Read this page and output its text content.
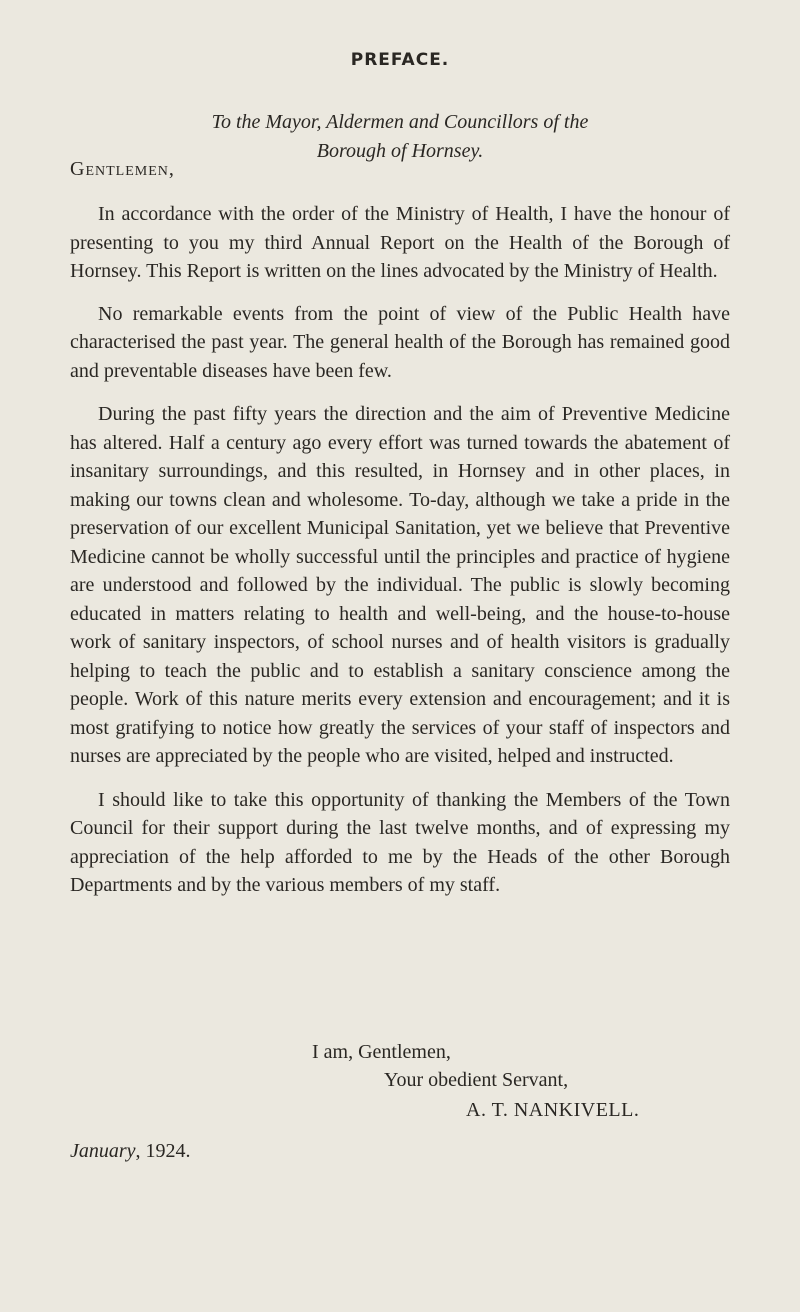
PREFACE.
To the Mayor, Aldermen and Councillors of the
Borough of Hornsey.
Gentlemen,

In accordance with the order of the Ministry of Health, I have the honour of presenting to you my third Annual Report on the Health of the Borough of Hornsey. This Report is written on the lines advocated by the Ministry of Health.

No remarkable events from the point of view of the Public Health have characterised the past year. The general health of the Borough has remained good and preventable diseases have been few.

During the past fifty years the direction and the aim of Preventive Medicine has altered. Half a century ago every effort was turned towards the abatement of insanitary surroundings, and this resulted, in Hornsey and in other places, in making our towns clean and wholesome. To-day, although we take a pride in the preservation of our excellent Municipal Sanitation, yet we believe that Preventive Medicine cannot be wholly successful until the principles and practice of hygiene are understood and followed by the individual. The public is slowly becoming educated in matters relating to health and well-being, and the house-to-house work of sanitary inspectors, of school nurses and of health visitors is gradually helping to teach the public and to establish a sanitary conscience among the people. Work of this nature merits every extension and encouragement; and it is most gratifying to notice how greatly the services of your staff of inspectors and nurses are appreciated by the people who are visited, helped and instructed.

I should like to take this opportunity of thanking the Members of the Town Council for their support during the last twelve months, and of expressing my appreciation of the help afforded to me by the Heads of the other Borough Departments and by the various members of my staff.

I am, Gentlemen,
Your obedient Servant,
A. T. NANKIVELL.
January, 1924.
